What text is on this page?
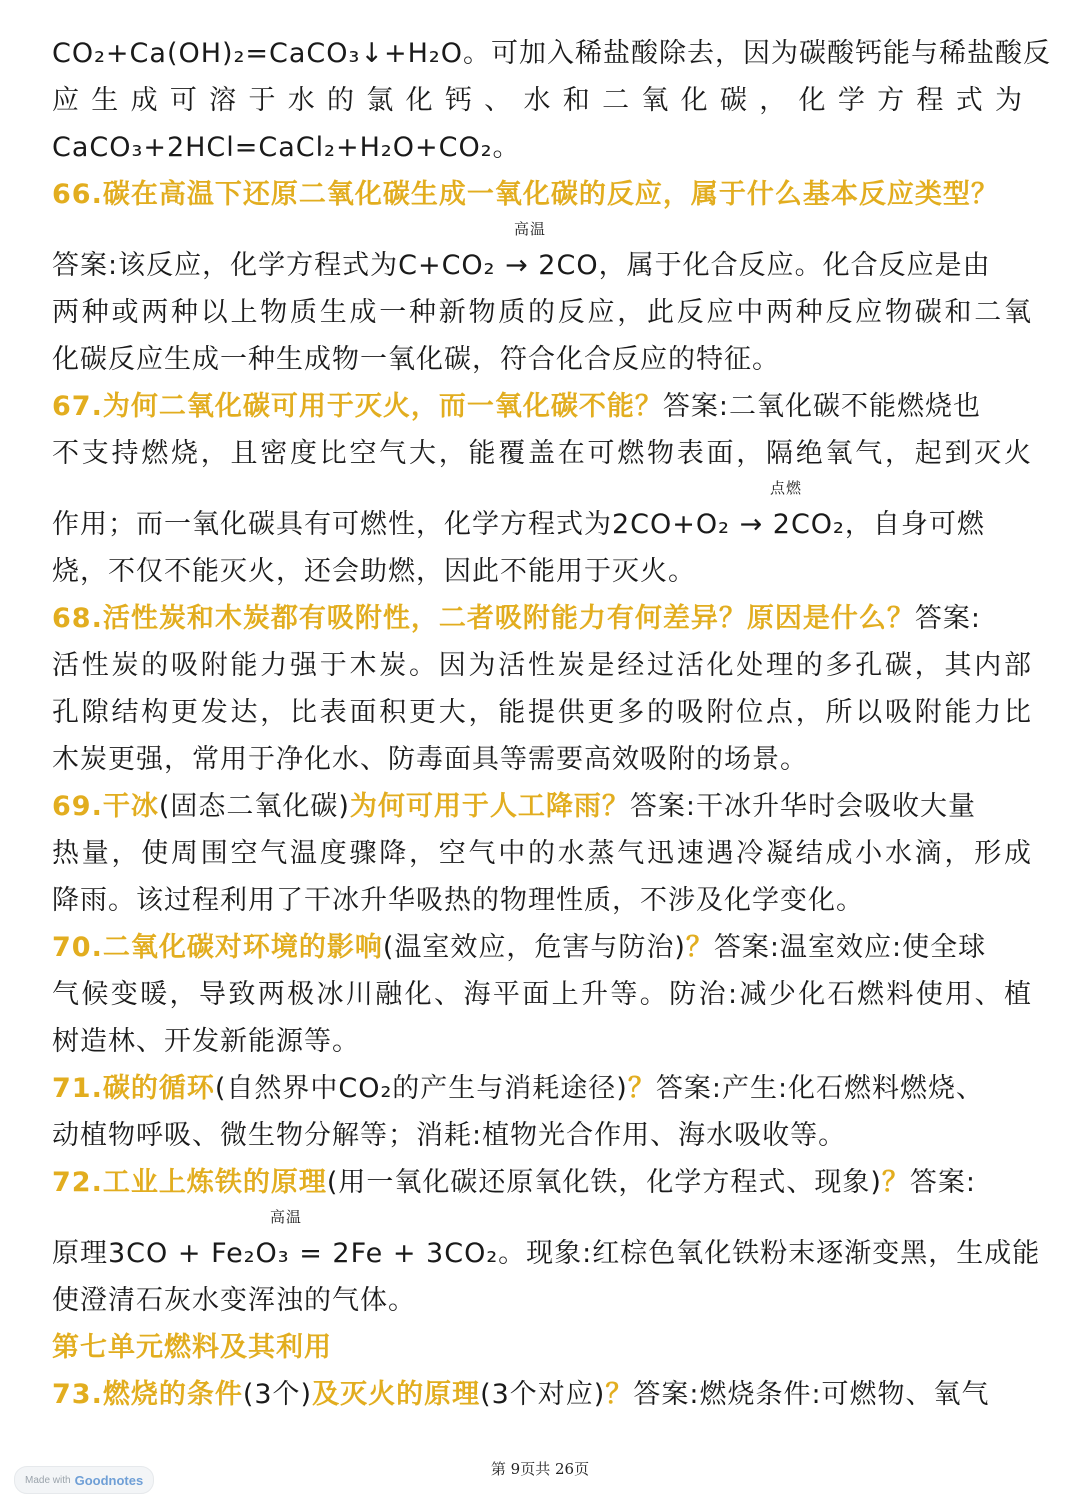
CO₂+Ca(OH)₂=CaCO₃↓+H₂O。可加入稀盐酸除去，因为碳酸钙能与稀盐酸反
应生成可溶于水的氯化钙、水和二氧化碳，化学方程式为
CaCO₃+2HCl=CaCl₂+H₂O+CO₂。
66.碳在高温下还原二氧化碳生成一氧化碳的反应，属于什么基本反应类型？
高温
答案:该反应，化学方程式为C+CO₂ → 2CO，属于化合反应。化合反应是由
两种或两种以上物质生成一种新物质的反应，此反应中两种反应物碳和二氧
化碳反应生成一种生成物一氧化碳，符合化合反应的特征。
67.为何二氧化碳可用于灭火，而一氧化碳不能？答案:二氧化碳不能燃烧也
不支持燃烧，且密度比空气大，能覆盖在可燃物表面，隔绝氧气，起到灭火
点燃
作用；而一氧化碳具有可燃性，化学方程式为2CO+O₂ → 2CO₂，自身可燃
烧，不仅不能灭火，还会助燃，因此不能用于灭火。
68.活性炭和木炭都有吸附性，二者吸附能力有何差异？原因是什么？答案:
活性炭的吸附能力强于木炭。因为活性炭是经过活化处理的多孔碳，其内部
孔隙结构更发达，比表面积更大，能提供更多的吸附位点，所以吸附能力比
木炭更强，常用于净化水、防毒面具等需要高效吸附的场景。
69.干冰(固态二氧化碳)为何可用于人工降雨？答案:干冰升华时会吸收大量
热量，使周围空气温度骤降，空气中的水蒸气迅速遇冷凝结成小水滴，形成
降雨。该过程利用了干冰升华吸热的物理性质，不涉及化学变化。
70.二氧化碳对环境的影响(温室效应，危害与防治)？答案:温室效应:使全球
气候变暖，导致两极冰川融化、海平面上升等。防治:减少化石燃料使用、植
树造林、开发新能源等。
71.碳的循环(自然界中CO₂的产生与消耗途径)？答案:产生:化石燃料燃烧、
动植物呼吸、微生物分解等；消耗:植物光合作用、海水吸收等。
72.工业上炼铁的原理(用一氧化碳还原氧化铁，化学方程式、现象)？答案:
高温
原理3CO + Fe₂O₃ = 2Fe + 3CO₂。现象:红棕色氧化铁粉末逐渐变黑，生成能
使澄清石灰水变浑浊的气体。
第七单元燃料及其利用
73.燃烧的条件(3个)及灭火的原理(3个对应)？答案:燃烧条件:可燃物、氧气
第 9页共 26页
Made with Goodnotes
